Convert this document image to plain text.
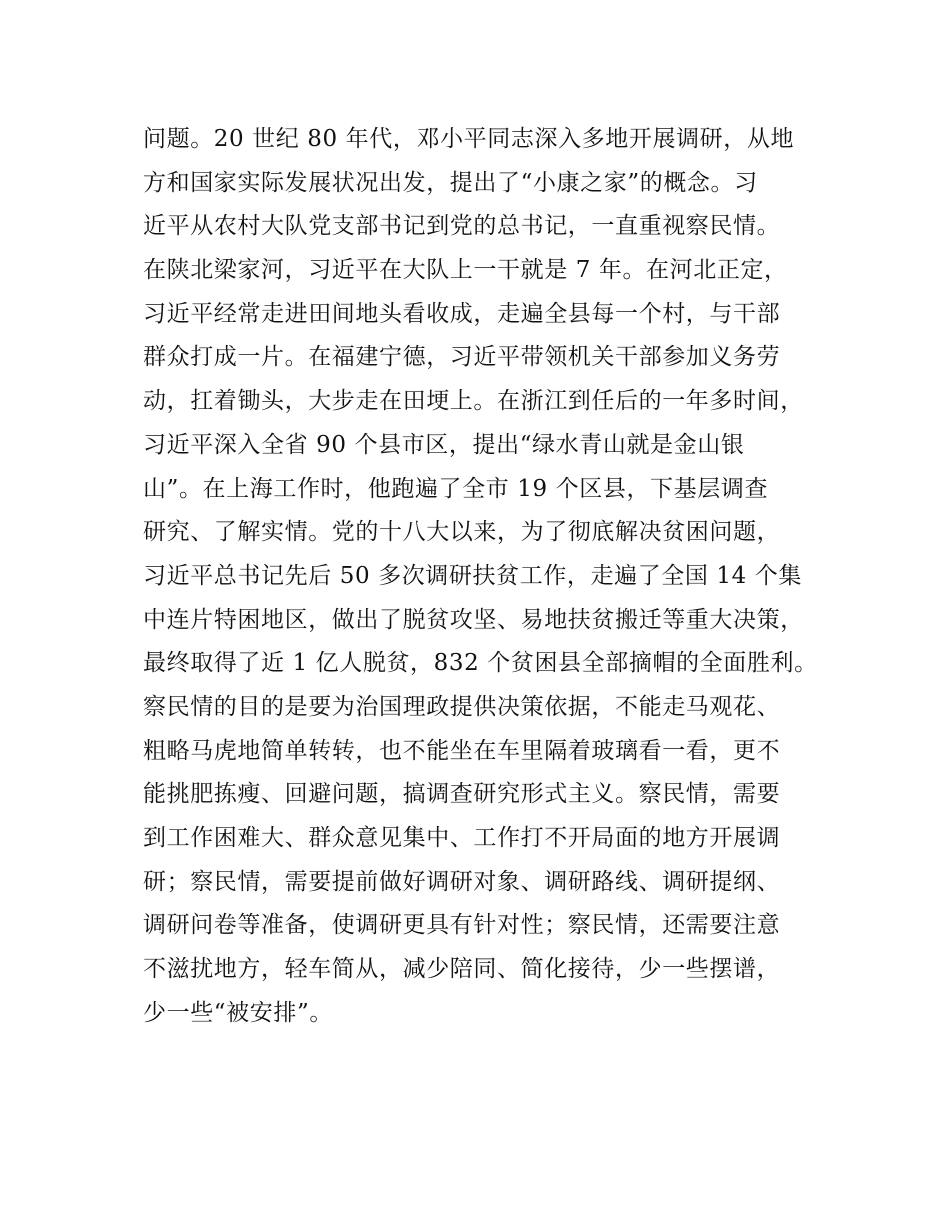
问题。20 世纪 80 年代，邓小平同志深入多地开展调研，从地
方和国家实际发展状况出发，提出了“小康之家”的概念。习
近平从农村大队党支部书记到党的总书记，一直重视察民情。
在陕北梁家河，习近平在大队上一干就是 7 年。在河北正定，
习近平经常走进田间地头看收成，走遍全县每一个村，与干部
群众打成一片。在福建宁德，习近平带领机关干部参加义务劳
动，扛着锄头，大步走在田埂上。在浙江到任后的一年多时间，
习近平深入全省 90 个县市区，提出“绿水青山就是金山银
山”。在上海工作时，他跑遍了全市 19 个区县，下基层调查
研究、了解实情。党的十八大以来，为了彻底解决贫困问题，
习近平总书记先后 50 多次调研扶贫工作，走遍了全国 14 个集
中连片特困地区，做出了脱贫攻坚、易地扶贫搬迁等重大决策，
最终取得了近 1 亿人脱贫，832 个贫困县全部摘帽的全面胜利。
察民情的目的是要为治国理政提供决策依据，不能走马观花、
粗略马虎地简单转转，也不能坐在车里隔着玻璃看一看，更不
能挑肥拣瘦、回避问题，搞调查研究形式主义。察民情，需要
到工作困难大、群众意见集中、工作打不开局面的地方开展调
研；察民情，需要提前做好调研对象、调研路线、调研提纲、
调研问卷等准备，使调研更具有针对性；察民情，还需要注意
不滋扰地方，轻车简从，减少陪同、简化接待，少一些摆谱，
少一些“被安排”。
